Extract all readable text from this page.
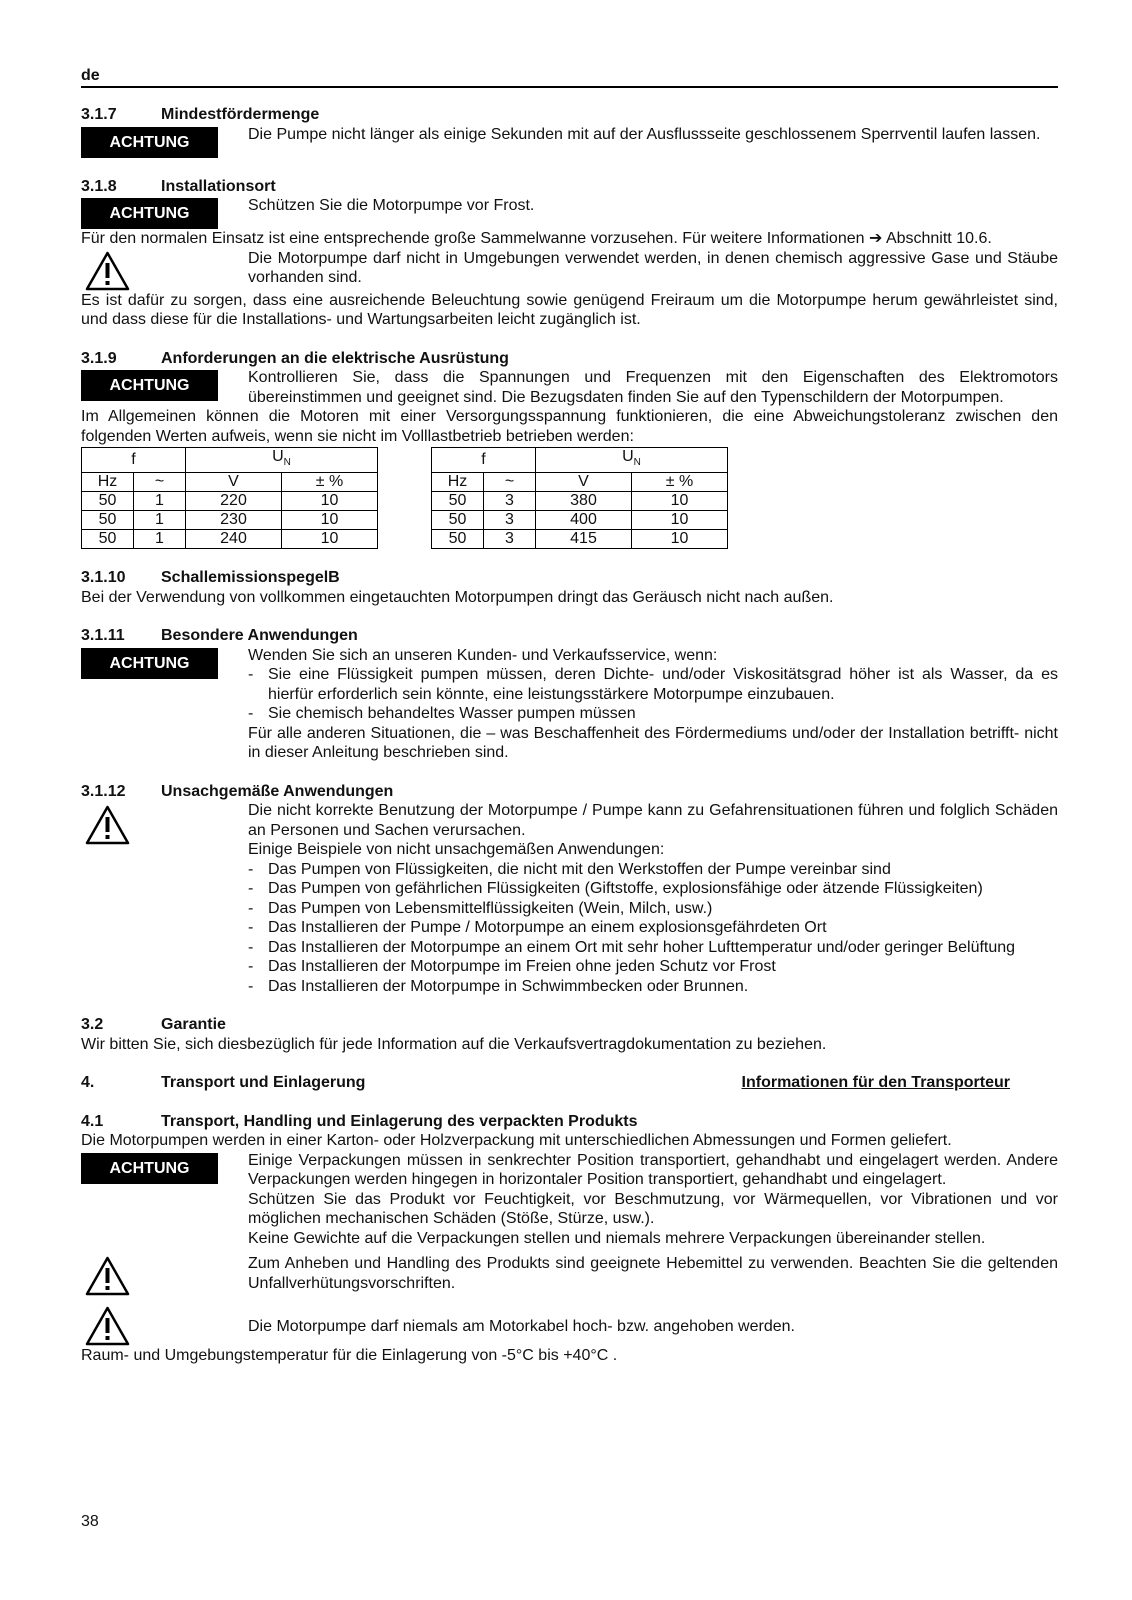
de
3.1.7	Mindestfördermenge
ACHTUNG	Die Pumpe nicht länger als einige Sekunden mit auf der Ausflussseite geschlossenem Sperrventil laufen lassen.

3.1.8	Installationsort
ACHTUNG	Schützen Sie die Motorpumpe vor Frost.

Für den normalen Einsatz ist eine entsprechende große Sammelwanne vorzusehen. Für weitere Informationen ➔ Abschnitt 10.6.

Die Motorpumpe darf nicht in Umgebungen verwendet werden, in denen chemisch aggressive Gase und Stäube vorhanden sind.

Es ist dafür zu sorgen, dass eine ausreichende Beleuchtung sowie genügend Freiraum um die Motorpumpe herum gewährleistet sind, und dass diese für die Installations- und Wartungsarbeiten leicht zugänglich ist.

3.1.9	Anforderungen an die elektrische Ausrüstung
ACHTUNG	Kontrollieren Sie, dass die Spannungen und Frequenzen mit den Eigenschaften des Elektromotors übereinstimmen und geeignet sind. Die Bezugsdaten finden Sie auf den Typenschildern der Motorpumpen.

Im Allgemeinen können die Motoren mit einer Versorgungsspannung funktionieren, die eine Abweichungstoleranz zwischen den folgenden Werten aufweis, wenn sie nicht im Volllastbetrieb betrieben werden:

f		$U_N$
Hz	~	V	± %
50	1	220	10
50	1	230	10
50	1	240	10
f		$U_N$
Hz	~	V	± %
50	3	380	10
50	3	400	10
50	3	415	10
3.1.10	SchallemissionspegelB

Bei der Verwendung von vollkommen eingetauchten Motorpumpen dringt das Geräusch nicht nach außen.

3.1.11	Besondere Anwendungen
ACHTUNG	Wenden Sie sich an unseren Kunden- und Verkaufsservice, wenn:

- Sie eine Flüssigkeit pumpen müssen, deren Dichte- und/oder Viskositätsgrad höher ist als Wasser, da es hierfür erforderlich sein könnte, eine leistungsstärkere Motorpumpe einzubauen.
- Sie chemisch behandeltes Wasser pumpen müssen

Für alle anderen Situationen, die – was Beschaffenheit des Fördermediums und/oder der Installation betrifft- nicht in dieser Anleitung beschrieben sind.

3.1.12	Unsachgemäße Anwendungen

Die nicht korrekte Benutzung der Motorpumpe / Pumpe kann zu Gefahrensituationen führen und folglich Schäden an Personen und Sachen verursachen.

Einige Beispiele von nicht unsachgemäßen Anwendungen:

- Das Pumpen von Flüssigkeiten, die nicht mit den Werkstoffen der Pumpe vereinbar sind
- Das Pumpen von gefährlichen Flüssigkeiten (Giftstoffe, explosionsfähige oder ätzende Flüssigkeiten)
- Das Pumpen von Lebensmittelflüssigkeiten (Wein, Milch, usw.)
- Das Installieren der Pumpe / Motorpumpe an einem explosionsgefährdeten Ort
- Das Installieren der Motorpumpe an einem Ort mit sehr hoher Lufttemperatur und/oder geringer Belüftung
- Das Installieren der Motorpumpe im Freien ohne jeden Schutz vor Frost
- Das Installieren der Motorpumpe in Schwimmbecken oder Brunnen.
3.2	Garantie

Wir bitten Sie, sich diesbezüglich für jede Information auf die Verkaufsvertragdokumentation zu beziehen.

4.	Transport und Einlagerung	Informationen für den Transporteur
4.1	Transport, Handling und Einlagerung des verpackten Produkts

Die Motorpumpen werden in einer Karton- oder Holzverpackung mit unterschiedlichen Abmessungen und Formen geliefert.

ACHTUNG	Einige Verpackungen müssen in senkrechter Position transportiert, gehandhabt und eingelagert werden. Andere Verpackungen werden hingegen in horizontaler Position transportiert, gehandhabt und eingelagert.

Schützen Sie das Produkt vor Feuchtigkeit, vor Beschmutzung, vor Wärmequellen, vor Vibrationen und vor möglichen mechanischen Schäden (Stöße, Stürze, usw.).

Keine Gewichte auf die Verpackungen stellen und niemals mehrere Verpackungen übereinander stellen.

Zum Anheben und Handling des Produkts sind geeignete Hebemittel zu verwenden. Beachten Sie die geltenden Unfallverhütungsvorschriften.

Die Motorpumpe darf niemals am Motorkabel hoch- bzw. angehoben werden.

Raum- und Umgebungstemperatur für die Einlagerung von -5°C bis +40°C .

38
